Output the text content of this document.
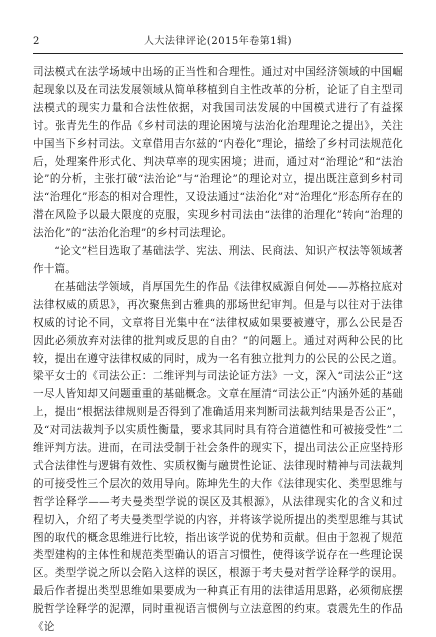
2	人大法律评论(2015年卷第1辑)

司法模式在法学场域中出场的正当性和合理性。通过对中国经济领域的中国崛起现象以及在司法发展领域从简单移植到自主性改革的分析，论证了自主型司法模式的现实力量和合法性依据，对我国司法发展的中国模式进行了有益探讨。张青先生的作品《乡村司法的理论困境与法治化治理理论之提出》，关注中国当下乡村司法。文章借用吉尔兹的“内卷化”理论，描绘了乡村司法规范化后，处理案件形式化、判决草率的现实困境；进而，通过对“治理论”和“法治论”的分析，主张打破“法治论”与“治理论”的理论对立，提出既注意到乡村司法“治理化”形态的相对合理性，又设法通过“法治化”对“治理化”形态所存在的潜在风险予以最大限度的克服，实现乡村司法由“法律的治理化”转向“治理的法治化”的“法治化治理”的乡村司法理论。

“论文”栏目选取了基础法学、宪法、刑法、民商法、知识产权法等领域著作十篇。

在基础法学领域，肖厚国先生的作品《法律权威源自何处——苏格拉底对法律权威的质思》，再次聚焦到古雅典的那场世纪审判。但是与以往对于法律权威的讨论不同，文章将目光集中在“法律权威如果要被遵守，那么公民是否因此必须放弃对法律的批判或反思的自由？”的问题上。通过对两种公民的比较，提出在遵守法律权威的同时，成为一名有独立批判力的公民的公民之道。梁平女士的《司法公正：二维评判与司法论证方法》一文，深入“司法公正”这一尽人皆知却又问题重重的基础概念。文章在厘清“司法公正”内涵外延的基础上，提出“根据法律规则是否得到了准确适用来判断司法裁判结果是否公正”，及“对司法裁判予以实质性衡量，要求其同时具有符合道德性和可被接受性”二维评判方法。进而，在司法受制于社会条件的现实下，提出司法公正应坚持形式合法律性与逻辑有效性、实质权衡与融贯性论证、法律现时精神与司法裁判的可接受性三个层次的效用导向。陈坤先生的大作《法律现实化、类型思维与哲学诠释学——考夫曼类型学说的误区及其根源》，从法律现实化的含义和过程切入，介绍了考夫曼类型学说的内容，并将该学说所提出的类型思维与其试图的取代的概念思维进行比较，指出该学说的优势和贡献。但由于忽视了规范类型建构的主体性和规范类型确认的语言习惯性，使得该学说存在一些理论误区。类型学说之所以会陷入这样的误区，根源于考夫曼对哲学诠释学的误用。最后作者提出类型思维如果要成为一种真正有用的法律适用思路，必须彻底摆脱哲学诠释学的泥潭，同时重视语言惯例与立法意图的约束。袁震先生的作品《论
